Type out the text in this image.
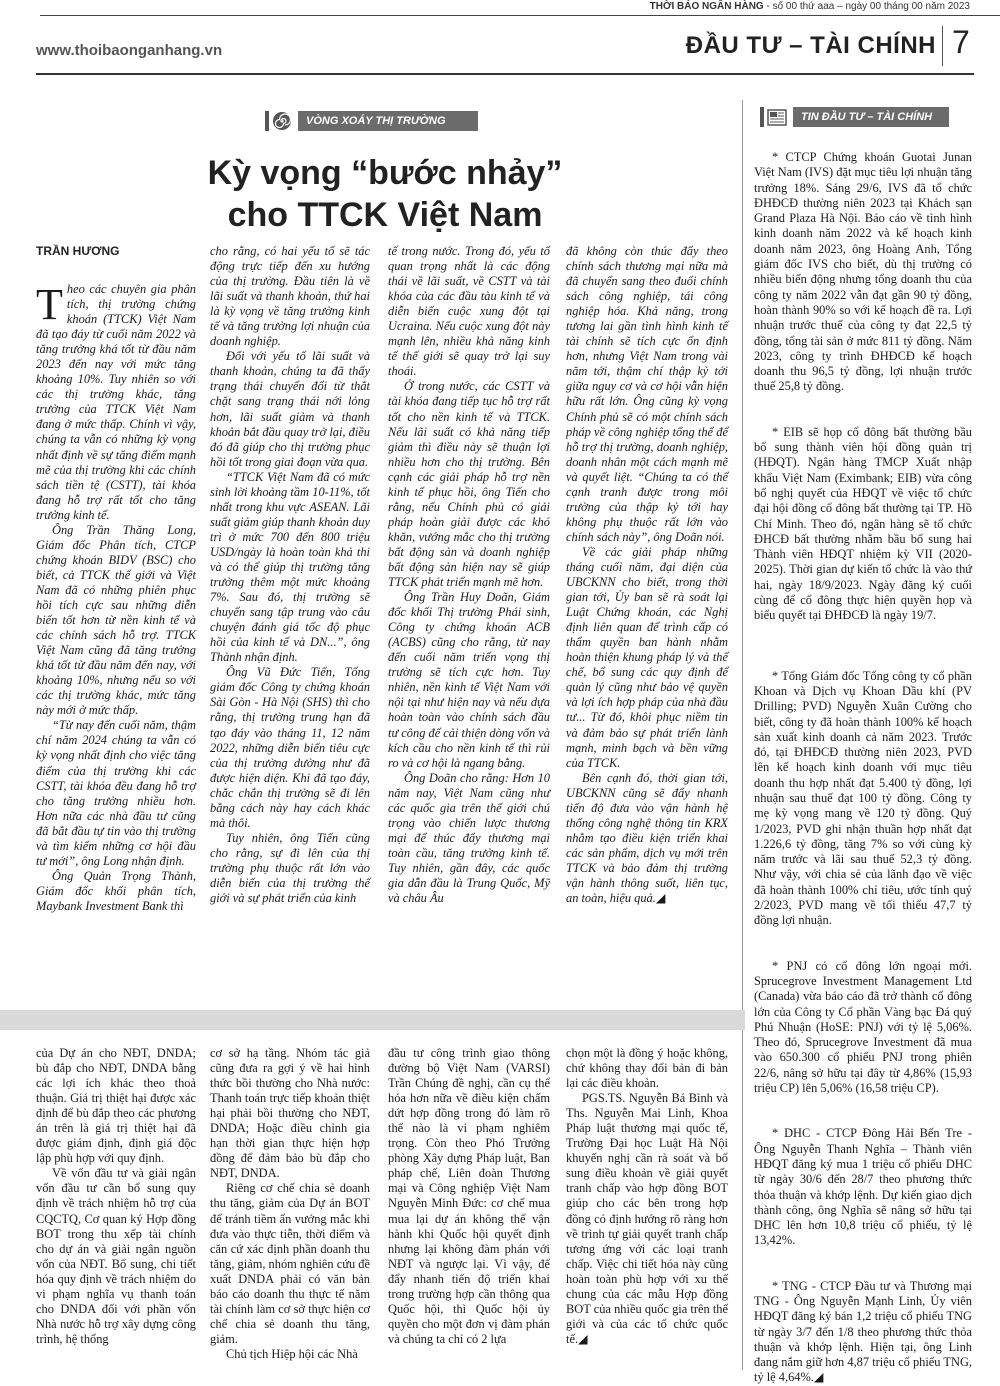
THỜI BÁO NGÂN HÀNG - số 00 thứ aaa – ngày 00 tháng 00 năm 2023
www.thoibaonganhang.vn	ĐẦU TƯ – TÀI CHÍNH 7
VÒNG XOÁY THỊ TRƯỜNG	TIN ĐẦU TƯ – TÀI CHÍNH
Kỳ vọng “bước nhảy”
cho TTCK Việt Nam
TRẦN HƯƠNG

Theo các chuyên gia phân tích, thị trường chứng khoán (TTCK) Việt Nam đã tạo đáy từ cuối năm 2022 và tăng trưởng khá tốt từ đầu năm 2023 đến nay với mức tăng khoảng 10%. Tuy nhiên so với các thị trường khác, tăng trưởng của TTCK Việt Nam đang ở mức thấp. Chính vì vậy, chúng ta vẫn có những kỳ vọng nhất định về sự tăng điểm mạnh mẽ của thị trường khi các chính sách tiền tệ (CSTT), tài khóa đang hỗ trợ rất tốt cho tăng trưởng kinh tế.

Ông Trần Thăng Long, Giám đốc Phân tích, CTCP chứng khoán BIDV (BSC) cho biết, cả TTCK thế giới và Việt Nam đã có những phiên phục hồi tích cực sau những diễn biến tốt hơn từ nền kinh tế và các chính sách hỗ trợ. TTCK Việt Nam cũng đã tăng trưởng khá tốt từ đầu năm đến nay, với khoảng 10%, nhưng nếu so với các thị trường khác, mức tăng này mới ở mức thấp.

“Từ nay đến cuối năm, thậm chí năm 2024 chúng ta vẫn có kỳ vọng nhất định cho việc tăng điểm của thị trường khi các CSTT, tài khóa đều đang hỗ trợ cho tăng trưởng nhiều hơn. Hơn nữa các nhà đầu tư cũng đã bắt đầu tự tin vào thị trường và tìm kiếm những cơ hội đầu tư mới”, ông Long nhận định.

Ông Quản Trọng Thành, Giám đốc khối phân tích, Maybank Investment Bank thì

cho rằng, có hai yếu tố sẽ tác động trực tiếp đến xu hướng của thị trường. Đầu tiên là về lãi suất và thanh khoản, thứ hai là kỳ vọng về tăng trưởng kinh tế và tăng trưởng lợi nhuận của doanh nghiệp.

Đối với yếu tố lãi suất và thanh khoản, chúng ta đã thấy trạng thái chuyển đổi từ thắt chặt sang trạng thái nới lỏng hơn, lãi suất giảm và thanh khoản bắt đầu quay trở lại, điều đó đã giúp cho thị trường phục hồi tốt trong giai đoạn vừa qua.

“TTCK Việt Nam đã có mức sinh lời khoảng tầm 10-11%, tốt nhất trong khu vực ASEAN. Lãi suất giảm giúp thanh khoản duy trì ở mức 700 đến 800 triệu USD/ngày là hoàn toàn khả thi và có thể giúp thị trường tăng trưởng thêm một mức khoảng 7%. Sau đó, thị trường sẽ chuyển sang tập trung vào câu chuyện đánh giá tốc độ phục hồi của kinh tế và DN...”, ông Thành nhận định.

Ông Vũ Đức Tiến, Tổng giám đốc Công ty chứng khoán Sài Gòn - Hà Nội (SHS) thì cho rằng, thị trường trung hạn đã tạo đáy vào tháng 11, 12 năm 2022, những diễn biến tiêu cực của thị trường dường như đã được hiện diện. Khi đã tạo đáy, chắc chắn thị trường sẽ đi lên bằng cách này hay cách khác mà thôi.

Tuy nhiên, ông Tiến cũng cho rằng, sự đi lên của thị trường phụ thuộc rất lớn vào diễn biến của thị trường thế giới và sự phát triển của kinh

tế trong nước. Trong đó, yếu tố quan trọng nhất là các động thái về lãi suất, về CSTT và tài khóa của các đầu tàu kinh tế và diễn biến cuộc xung đột tại Ucraina. Nếu cuộc xung đột này mạnh lên, nhiều khả năng kinh tế thế giới sẽ quay trở lại suy thoái.

Ở trong nước, các CSTT và tài khóa đang tiếp tục hỗ trợ rất tốt cho nền kinh tế và TTCK. Nếu lãi suất có khả năng tiếp giảm thì điều này sẽ thuận lợi nhiều hơn cho thị trường. Bên cạnh các giải pháp hỗ trợ nền kinh tế phục hồi, ông Tiến cho rằng, nếu Chính phủ có giải pháp hoàn giải được các khó khăn, vướng mắc cho thị trường bất động sản và doanh nghiệp bất động sản hiện nay sẽ giúp TTCK phát triển mạnh mẽ hơn.

Ông Trần Huy Doãn, Giám đốc khối Thị trường Phái sinh, Công ty chứng khoán ACB (ACBS) cũng cho rằng, từ nay đến cuối năm triển vọng thị trường sẽ tích cực hơn. Tuy nhiên, nền kinh tế Việt Nam với nội tại như hiện nay và nếu dựa hoàn toàn vào chính sách đầu tư công để cải thiện dòng vốn và kích cầu cho nền kinh tế thì rủi ro và cơ hội là ngang bằng.

Ông Doãn cho rằng: Hơn 10 năm nay, Việt Nam cũng như các quốc gia trên thế giới chú trọng vào chiến lược thương mại để thúc đẩy thương mại toàn cầu, tăng trưởng kinh tế. Tuy nhiên, gần đây, các quốc gia dẫn đầu là Trung Quốc, Mỹ và châu Âu

đã không còn thúc đẩy theo chính sách thương mại nữa mà đã chuyển sang theo đuổi chính sách công nghiệp, tái công nghiệp hóa. Khả năng, trong tương lai gần tình hình kinh tế tài chính sẽ tích cực ổn định hơn, nhưng Việt Nam trong vài năm tới, thậm chí thập kỷ tới giữa nguy cơ và cơ hội vẫn hiện hữu rất lớn. Ông cũng kỳ vọng Chính phủ sẽ có một chính sách pháp về công nghiệp tổng thể để hỗ trợ thị trường, doanh nghiệp, doanh nhân một cách mạnh mẽ và quyết liệt. “Chúng ta có thể cạnh tranh được trong môi trường của thập kỷ tới hay không phụ thuộc rất lớn vào chính sách này”, ông Doãn nói.

Về các giải pháp những tháng cuối năm, đại diện của UBCKNN cho biết, trong thời gian tới, Ủy ban sẽ rà soát lại Luật Chứng khoán, các Nghị định liên quan để trình cấp có thẩm quyền ban hành nhằm hoàn thiện khung pháp lý và thể chế, bổ sung các quy định để quản lý cũng như bảo vệ quyền và lợi ích hợp pháp của nhà đầu tư... Từ đó, khôi phục niềm tin và đảm bảo sự phát triển lành mạnh, minh bạch và bền vững của TTCK.

Bên cạnh đó, thời gian tới, UBCKNN cũng sẽ đẩy nhanh tiến độ đưa vào vận hành hệ thống công nghệ thông tin KRX nhằm tạo điều kiện triển khai các sản phẩm, dịch vụ mới trên TTCK và bảo đảm thị trường vận hành thông suốt, liên tục, an toàn, hiệu quả.◢

của Dự án cho NĐT, DNDA; bù đắp cho NĐT, DNDA bằng các lợi ích khác theo thoả thuận. Giá trị thiệt hại được xác định để bù đắp theo các phương án trên là giá trị thiệt hại đã được giám định, định giá độc lập phù hợp với quy định.

Về vốn đầu tư và giải ngân vốn đầu tư cần bổ sung quy định về trách nhiệm hỗ trợ của CQCTQ, Cơ quan ký Hợp đồng BOT trong thu xếp tài chính cho dự án và giải ngân nguồn vốn của NĐT. Bổ sung, chi tiết hóa quy định về trách nhiệm do vi phạm nghĩa vụ thanh toán cho DNDA đối với phần vốn Nhà nước hỗ trợ xây dựng công trình, hệ thống

cơ sở hạ tầng. Nhóm tác giả cũng đưa ra gợi ý về hai hình thức bồi thường cho Nhà nước: Thanh toán trực tiếp khoản thiệt hại phải bồi thường cho NĐT, DNDA; Hoặc điều chỉnh gia hạn thời gian thực hiện hợp đồng để đảm bảo bù đắp cho NĐT, DNDA.

Riêng cơ chế chia sẻ doanh thu tăng, giảm của Dự án BOT để tránh tiềm ẩn vướng mắc khi đưa vào thực tiễn, thời điểm và căn cứ xác định phần doanh thu tăng, giảm, nhóm nghiên cứu đề xuất DNDA phải có văn bản báo cáo doanh thu thực tế năm tài chính làm cơ sở thực hiện cơ chế chia sẻ doanh thu tăng, giảm.

Chủ tịch Hiệp hội các Nhà

đầu tư công trình giao thông đường bộ Việt Nam (VARSI) Trần Chúng đề nghị, cần cụ thể hóa hơn nữa về điều kiện chấm dứt hợp đồng trong đó làm rõ thế nào là vi phạm nghiêm trọng. Còn theo Phó Trưởng phòng Xây dựng Pháp luật, Ban pháp chế, Liên đoàn Thương mại và Công nghiệp Việt Nam Nguyễn Minh Đức: cơ chế mua mua lại dự án không thể vận hành khi Quốc hội quyết định nhưng lại không đàm phán với NĐT và ngược lại. Vì vậy, để đẩy nhanh tiến độ triển khai trong trường hợp cần thông qua Quốc hội, thì Quốc hội ủy quyền cho một đơn vị đàm phán và chúng ta chỉ có 2 lựa

chọn một là đồng ý hoặc không, chứ không thay đổi bản đi bản lại các điều khoản.

PGS.TS. Nguyễn Bá Bình và Ths. Nguyễn Mai Linh, Khoa Pháp luật thương mại quốc tế, Trường Đại học Luật Hà Nội khuyến nghị cần rà soát và bổ sung điều khoản về giải quyết tranh chấp vào hợp đồng BOT giúp cho các bên trong hợp đồng có định hướng rõ ràng hơn về trình tự giải quyết tranh chấp tương ứng với các loại tranh chấp. Việc chi tiết hóa này cũng hoàn toàn phù hợp với xu thế chung của các mẫu Hợp đồng BOT của nhiều quốc gia trên thế giới và của các tổ chức quốc tế.◢

* CTCP Chứng khoán Guotai Junan Việt Nam (IVS) đặt mục tiêu lợi nhuận tăng trưởng 18%. Sáng 29/6, IVS đã tổ chức ĐHĐCĐ thường niên 2023 tại Khách sạn Grand Plaza Hà Nội. Báo cáo về tình hình kinh doanh năm 2022 và kế hoạch kinh doanh năm 2023, ông Hoàng Anh, Tổng giám đốc IVS cho biết, dù thị trường có nhiều biến động nhưng tổng doanh thu của công ty năm 2022 vẫn đạt gần 90 tỷ đồng, hoàn thành 90% so với kế hoạch đề ra. Lợi nhuận trước thuế của công ty đạt 22,5 tỷ đồng, tổng tài sản ở mức 811 tỷ đồng. Năm 2023, công ty trình ĐHĐCĐ kế hoạch doanh thu 96,5 tỷ đồng, lợi nhuận trước thuế 25,8 tỷ đồng.

* EIB sẽ họp cổ đông bất thường bầu bổ sung thành viên hội đồng quản trị (HĐQT). Ngân hàng TMCP Xuất nhập khẩu Việt Nam (Eximbank; EIB) vừa công bố nghị quyết của HĐQT về việc tổ chức đại hội đồng cổ đông bất thường tại TP. Hồ Chí Minh. Theo đó, ngân hàng sẽ tổ chức ĐHCĐ bất thường nhằm bầu bổ sung hai Thành viên HĐQT nhiệm kỳ VII (2020-2025). Thời gian dự kiến tổ chức là vào thứ hai, ngày 18/9/2023. Ngày đăng ký cuối cùng để cổ đông thực hiện quyền họp và biểu quyết tại ĐHĐCĐ là ngày 19/7.

* Tổng Giám đốc Tổng công ty cổ phần Khoan và Dịch vụ Khoan Dầu khí (PV Drilling; PVD) Nguyễn Xuân Cường cho biết, công ty đã hoàn thành 100% kế hoạch sản xuất kinh doanh cả năm 2023. Trước đó, tại ĐHĐCĐ thường niên 2023, PVD lên kế hoạch kinh doanh với mục tiêu doanh thu hợp nhất đạt 5.400 tỷ đồng, lợi nhuận sau thuế đạt 100 tỷ đồng. Công ty mẹ kỳ vọng mang về 120 tỷ đồng. Quý 1/2023, PVD ghi nhận thuần hợp nhất đạt 1.226,6 tỷ đồng, tăng 7% so với cùng kỳ năm trước và lãi sau thuế 52,3 tỷ đồng. Như vậy, với chia sẻ của lãnh đạo về việc đã hoàn thành 100% chỉ tiêu, ước tính quý 2/2023, PVD mang về tối thiểu 47,7 tỷ đồng lợi nhuận.

* PNJ có cổ đông lớn ngoại mới. Sprucegrove Investment Management Ltd (Canada) vừa báo cáo đã trở thành cổ đông lớn của Công ty Cổ phần Vàng bạc Đá quý Phú Nhuận (HoSE: PNJ) với tỷ lệ 5,06%. Theo đó, Sprucegrove Investment đã mua vào 650.300 cổ phiếu PNJ trong phiên 22/6, nâng sở hữu tại đây từ 4,86% (15,93 triệu CP) lên 5,06% (16,58 triệu CP).

* DHC - CTCP Đông Hải Bến Tre - Ông Nguyễn Thanh Nghĩa – Thành viên HĐQT đăng ký mua 1 triệu cổ phiếu DHC từ ngày 30/6 đến 28/7 theo phương thức thỏa thuận và khớp lệnh. Dự kiến giao dịch thành công, ông Nghĩa sẽ nâng sở hữu tại DHC lên hơn 10,8 triệu cổ phiếu, tỷ lệ 13,42%.

* TNG - CTCP Đầu tư và Thương mại TNG - Ông Nguyễn Mạnh Linh, Ủy viên HĐQT đăng ký bán 1,2 triệu cổ phiếu TNG từ ngày 3/7 đến 1/8 theo phương thức thỏa thuận và khớp lệnh. Hiện tại, ông Linh đang nắm giữ hơn 4,87 triệu cổ phiếu TNG, tỷ lệ 4,64%.◢
